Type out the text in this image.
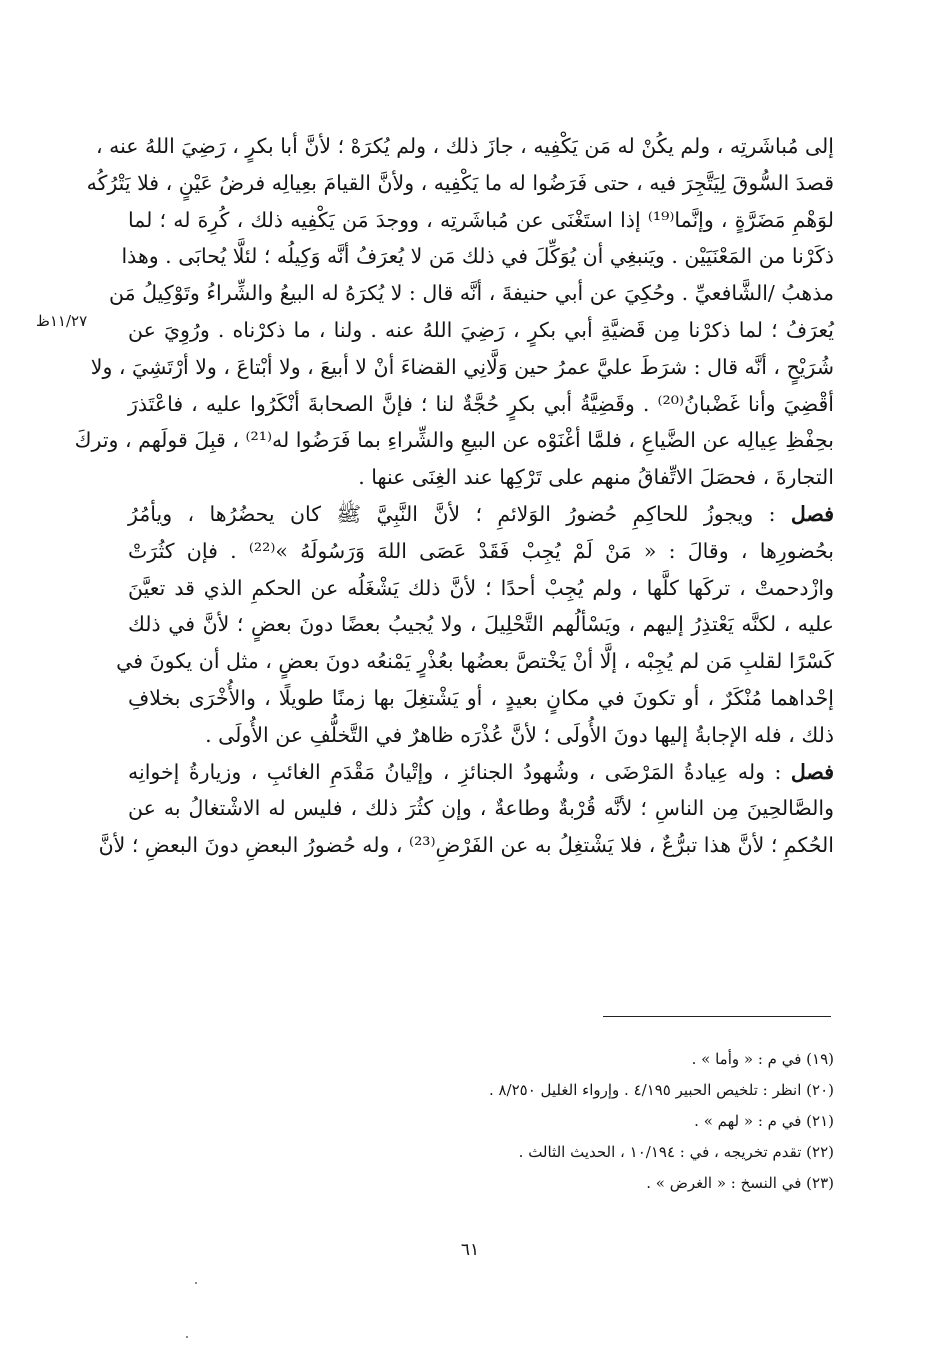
١١/٢٧ظ
إلى مُباشَرتِه ، ولم يكُنْ له مَن يَكْفِيه ، جازَ ذلك ، ولم يُكرَهْ ؛ لأنَّ أبا بكرٍ ، رَضِيَ اللهُ عنه ،
قصدَ السُّوقَ لِيَتَّجِرَ فيه ، حتى فَرَضُوا له ما يَكْفِيه ، ولأنَّ القيامَ بعِيالِه فرضُ عَيْنٍ ، فلا يَتْرُكُه
لوَهْمِ مَضَرَّةٍ ، وإنَّما⁽¹⁹⁾ إذا استَغْنَى عن مُباشَرتِه ، ووجدَ مَن يَكْفِيه ذلك ، كُرِهَ له ؛ لما
ذكَرْنا من المَعْنَيَيْن . ويَنبغِي أن يُوَكِّلَ في ذلك مَن لا يُعرَفُ أنَّه وَكِيلُه ؛ لئلَّا يُحابَى . وهذا
مذهبُ /الشَّافعيِّ . وحُكِيَ عن أبي حنيفةَ ، أنَّه قال : لا يُكرَهُ له البيعُ والشِّراءُ وتَوْكِيلُ مَن
يُعرَفُ ؛ لما ذكرْنا مِن قَضيَّةِ أبي بكرٍ ، رَضِيَ اللهُ عنه . ولنا ، ما ذكرْناه . ورُوِيَ عن
شُرَيْحٍ ، أنَّه قال : شرَطَ عليَّ عمرُ حين وَلَّانِي القضاءَ أنْ لا أبيعَ ، ولا أبْتاعَ ، ولا أرْتَشِيَ ، ولا
أقْضِيَ وأنا غَضْبانُ⁽²⁰⁾ . وقَضِيَّةُ أبي بكرٍ حُجَّةٌ لنا ؛ فإنَّ الصحابةَ أنْكَرُوا عليه ، فاعْتَذرَ
بحِفْظِ عِيالِه عن الضَّياعِ ، فلمَّا أغْنَوْه عن البيعِ والشِّراءِ بما فَرَضُوا له⁽²¹⁾ ، قبِلَ قولَهم ، وتركَ
التجارةَ ، فحصَلَ الاتِّفاقُ منهم على تَرْكِها عند الغِنَى عنها .
فصل : ويجوزُ للحاكِمِ حُضورُ الوَلائمِ ؛ لأنَّ النَّبِيَّ ﷺ كان يحضُرُها ، ويأمُرُ
بحُضورِها ، وقالَ : « مَنْ لَمْ يُجِبْ فَقَدْ عَصَى اللهَ وَرَسُولَهُ »⁽²²⁾ . فإن كثُرَتْ
وازْدحمتْ ، تركَها كلَّها ، ولم يُجِبْ أحدًا ؛ لأنَّ ذلك يَشْغَلُه عن الحكمِ الذي قد تعيَّنَ
عليه ، لكنَّه يَعْتذِرُ إليهم ، ويَسْألُهم التَّحْلِيلَ ، ولا يُجيبُ بعضًا دونَ بعضٍ ؛ لأنَّ في ذلك
كَسْرًا لقلبِ مَن لم يُجِبْه ، إلَّا أنْ يَخْتصَّ بعضُها بعُذْرٍ يَمْنعُه دونَ بعضٍ ، مثل أن يكونَ في
إحْداهما مُنْكَرٌ ، أو تكونَ في مكانٍ بعيدٍ ، أو يَشْتغِلَ بها زمنًا طويلًا ، والأُخْرَى بخلافِ
ذلك ، فله الإجابةُ إليها دونَ الأُولَى ؛ لأنَّ عُذْرَه ظاهرٌ في التَّخلُّفِ عن الأُولَى .
فصل : وله عِيادةُ المَرْضَى ، وشُهودُ الجنائزِ ، وإتْيانُ مَقْدَمِ الغائبِ ، وزيارةُ إخوانِه
والصَّالحِينَ مِن الناسِ ؛ لأنَّه قُرْبةٌ وطاعةٌ ، وإن كثُرَ ذلك ، فليس له الاشْتغالُ به عن
الحُكمِ ؛ لأنَّ هذا تبرُّعٌ ، فلا يَشْتغِلُ به عن الفَرْضِ⁽²³⁾ ، وله حُضورُ البعضِ دونَ البعضِ ؛ لأنَّ
(١٩) في م : « وأما » .
(٢٠) انظر : تلخيص الحبير ٤/١٩٥ . وإرواء الغليل ٨/٢٥٠ .
(٢١) في م : « لهم » .
(٢٢) تقدم تخريجه ، في : ١٠/١٩٤ ، الحديث الثالث .
(٢٣) في النسخ : « الغرض » .
٦١
